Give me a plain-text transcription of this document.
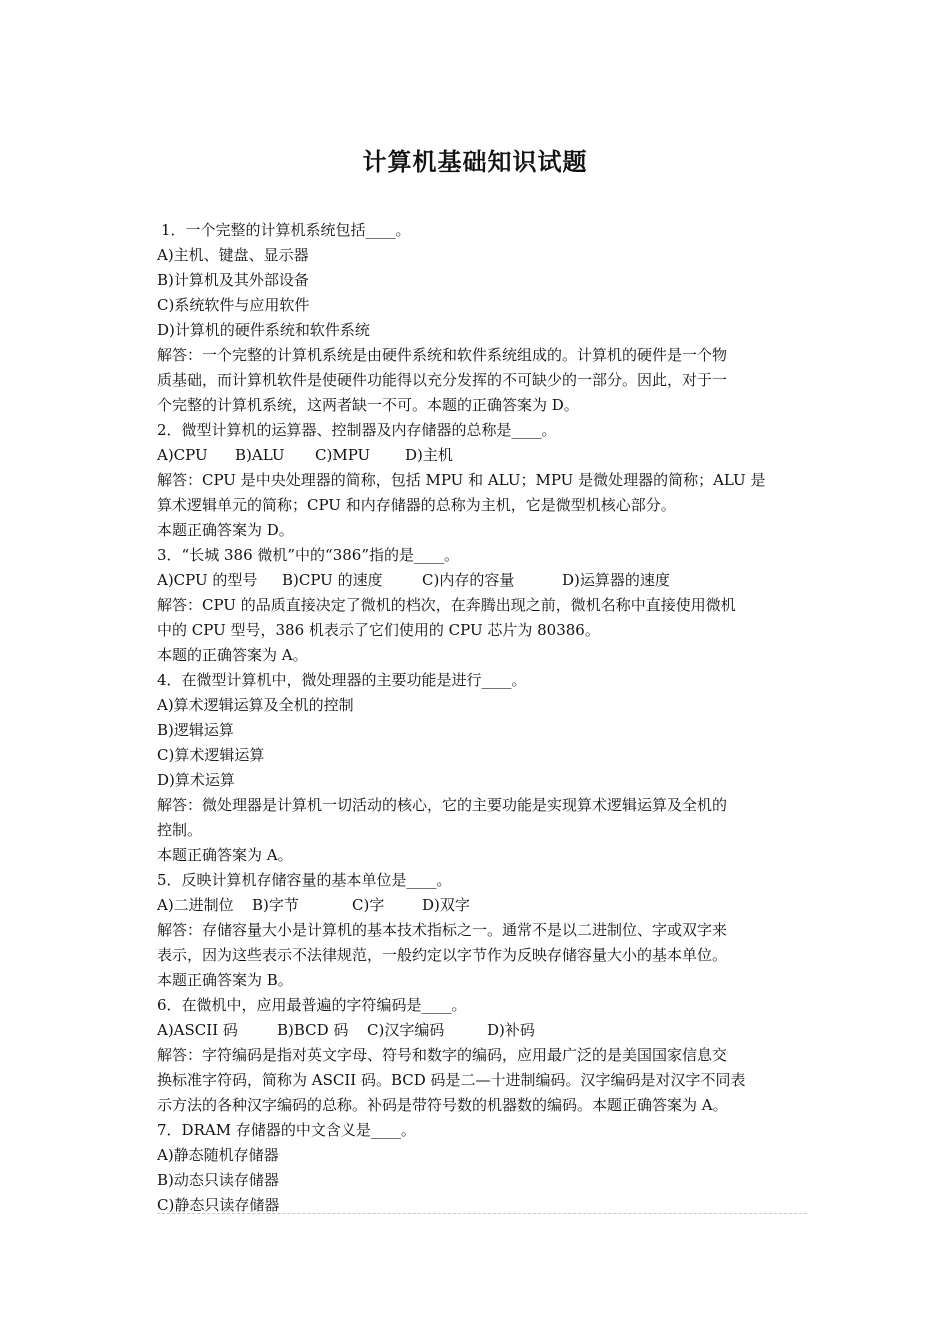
计算机基础知识试题
1．一个完整的计算机系统包括____。
A)主机、键盘、显示器
B)计算机及其外部设备
C)系统软件与应用软件
D)计算机的硬件系统和软件系统
解答：一个完整的计算机系统是由硬件系统和软件系统组成的。计算机的硬件是一个物
质基础，而计算机软件是使硬件功能得以充分发挥的不可缺少的一部分。因此，对于一
个完整的计算机系统，这两者缺一不可。本题的正确答案为 D。
2．微型计算机的运算器、控制器及内存储器的总称是____。
A)CPU B)ALU C)MPU D)主机
解答：CPU 是中央处理器的简称，包括 MPU 和 ALU；MPU 是微处理器的简称；ALU 是
算术逻辑单元的简称；CPU 和内存储器的总称为主机，它是微型机核心部分。
本题正确答案为 D。
3．“长城 386 微机”中的“386”指的是____。
A)CPU 的型号 B)CPU 的速度	C)内存的容量	D)运算器的速度
解答：CPU 的品质直接决定了微机的档次，在奔腾出现之前，微机名称中直接使用微机
中的 CPU 型号，386 机表示了它们使用的 CPU 芯片为 80386。
本题的正确答案为 A。
4．在微型计算机中，微处理器的主要功能是进行____。
A)算术逻辑运算及全机的控制
B)逻辑运算
C)算术逻辑运算
D)算术运算
解答：微处理器是计算机一切活动的核心，它的主要功能是实现算术逻辑运算及全机的
控制。
本题正确答案为 A。
5．反映计算机存储容量的基本单位是____。
A)二进制位 B)字节	C)字	D)双字
解答：存储容量大小是计算机的基本技术指标之一。通常不是以二进制位、字或双字来
表示，因为这些表示不法律规范，一般约定以字节作为反映存储容量大小的基本单位。
本题正确答案为 B。
6．在微机中，应用最普遍的字符编码是____。
A)ASCII 码	B)BCD 码 C)汉字编码	D)补码
解答：字符编码是指对英文字母、符号和数字的编码，应用最广泛的是美国国家信息交
换标准字符码，简称为 ASCII 码。BCD 码是二—十进制编码。汉字编码是对汉字不同表
示方法的各种汉字编码的总称。补码是带符号数的机器数的编码。本题正确答案为 A。
7．DRAM 存储器的中文含义是____。
A)静态随机存储器
B)动态只读存储器
C)静态只读存储器
